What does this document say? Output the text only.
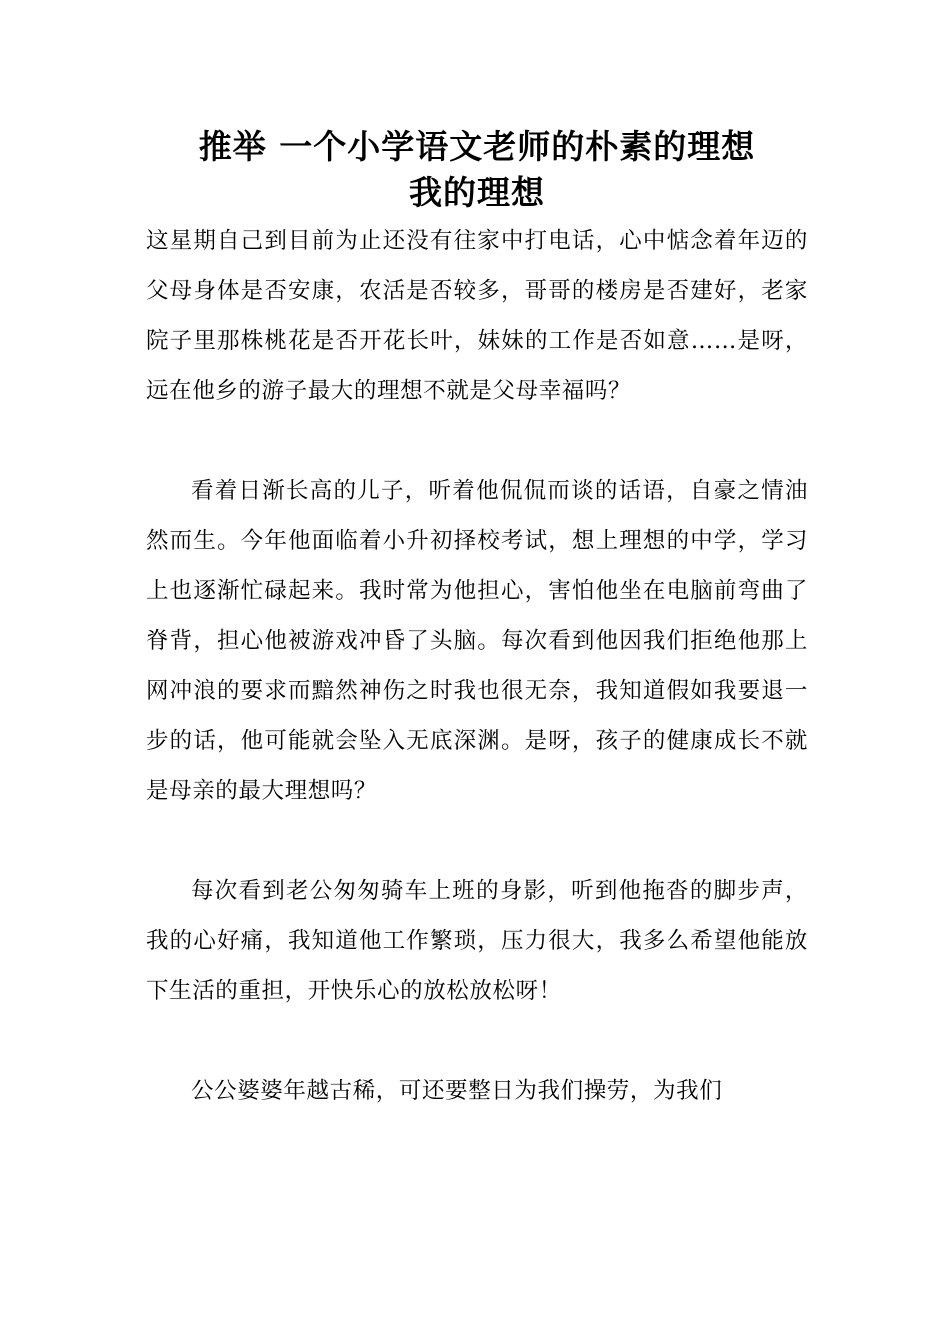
推举 一个小学语文老师的朴素的理想
我的理想

这星期自己到目前为止还没有往家中打电话，心中惦念着年迈的父母身体是否安康，农活是否较多，哥哥的楼房是否建好，老家院子里那株桃花是否开花长叶，妹妹的工作是否如意……是呀，远在他乡的游子最大的理想不就是父母幸福吗？

看着日渐长高的儿子，听着他侃侃而谈的话语，自豪之情油然而生。今年他面临着小升初择校考试，想上理想的中学，学习上也逐渐忙碌起来。我时常为他担心，害怕他坐在电脑前弯曲了脊背，担心他被游戏冲昏了头脑。每次看到他因我们拒绝他那上网冲浪的要求而黯然神伤之时我也很无奈，我知道假如我要退一步的话，他可能就会坠入无底深渊。是呀，孩子的健康成长不就是母亲的最大理想吗？

每次看到老公匆匆骑车上班的身影，听到他拖沓的脚步声，我的心好痛，我知道他工作繁琐，压力很大，我多么希望他能放下生活的重担，开快乐心的放松放松呀！

公公婆婆年越古稀，可还要整日为我们操劳，为我们
